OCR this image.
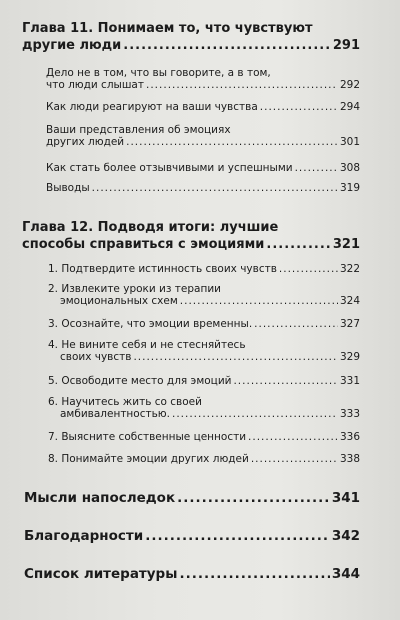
Глава 11. Понимаем то, что чувствуют
другие люди .....	291
Дело не в том, что вы говорите, а в том,
что люди слышат .....	292
Как люди реагируют на ваши чувства .....	294
Ваши представления об эмоциях
других людей .....	301
Как стать более отзывчивыми и успешными .....	308
Выводы .....	319
Глава 12. Подводя итоги: лучшие
способы справиться с эмоциями .....	321
1. Подтвердите истинность своих чувств .....	322
2. Извлеките уроки из терапии
эмоциональных схем .....	324
3. Осознайте, что эмоции временны. .....	327
4. Не вините себя и не стесняйтесь
своих чувств .....	329
5. Освободите место для эмоций .....	331
6. Научитесь жить со своей
амбивалентностью. .....	333
7. Выясните собственные ценности .....	336
8. Понимайте эмоции других людей .....	338
Мысли напоследок .....	341
Благодарности .....	342
Список литературы .....	344
